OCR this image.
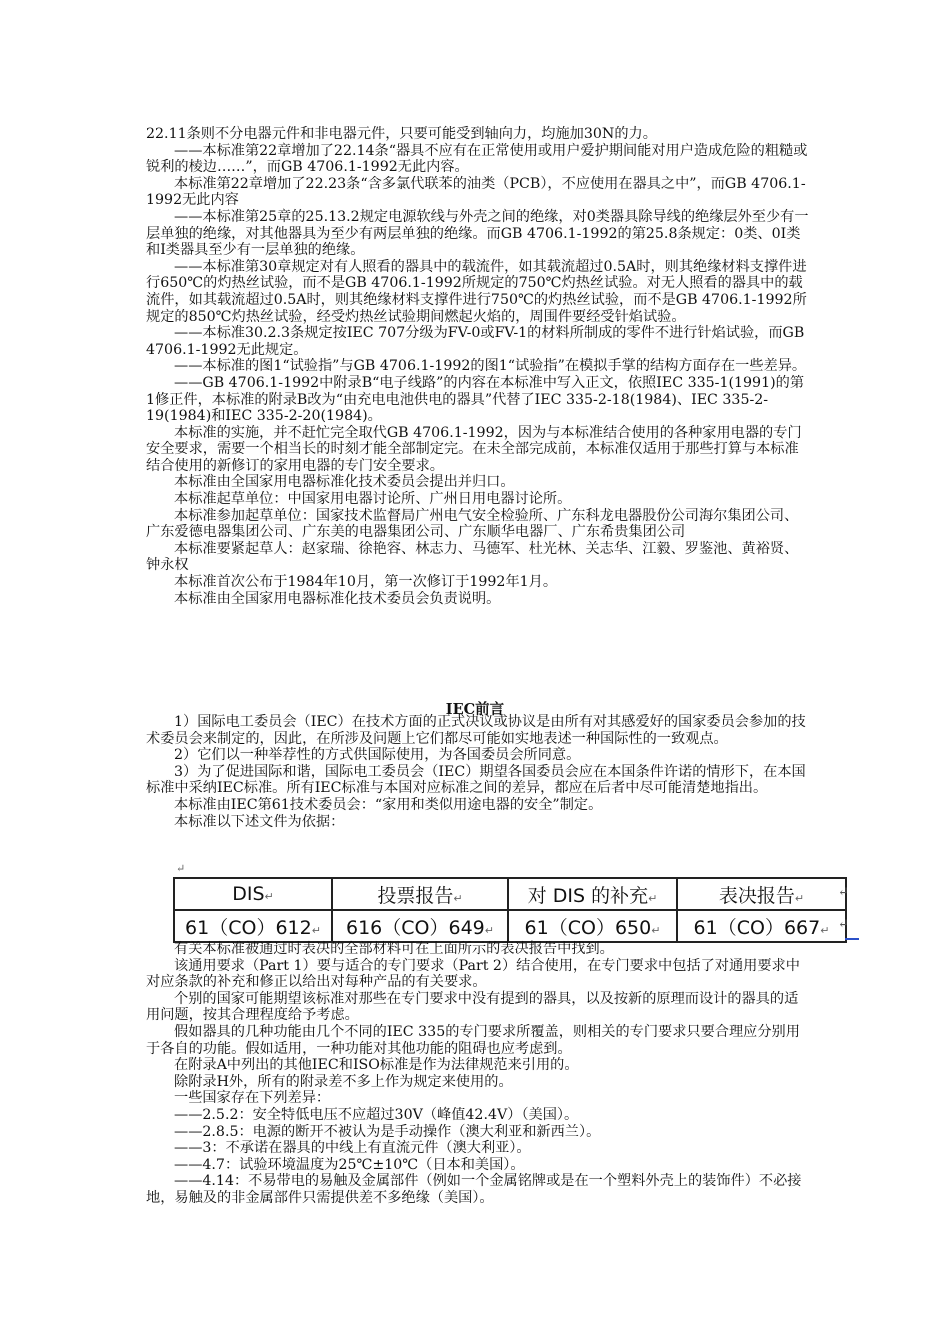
22.11条则不分电器元件和非电器元件，只要可能受到轴向力，均施加30N的力。

——本标准第22章增加了22.14条“器具不应有在正常使用或用户爱护期间能对用户造成危险的粗糙或锐利的棱边……”，而GB 4706.1-1992无此内容。

本标准第22章增加了22.23条“含多氯代联苯的油类（PCB），不应使用在器具之中”，而GB 4706.1-1992无此内容

——本标准第25章的25.13.2规定电源软线与外壳之间的绝缘，对0类器具除导线的绝缘层外至少有一层单独的绝缘，对其他器具为至少有两层单独的绝缘。而GB 4706.1-1992的第25.8条规定：0类、0Ⅰ类和Ⅰ类器具至少有一层单独的绝缘。

——本标准第30章规定对有人照看的器具中的载流件，如其载流超过0.5A时，则其绝缘材料支撑件进行650℃的灼热丝试验，而不是GB 4706.1-1992所规定的750℃灼热丝试验。对无人照看的器具中的载流件，如其载流超过0.5A时，则其绝缘材料支撑件进行750℃的灼热丝试验，而不是GB 4706.1-1992所规定的850℃灼热丝试验，经受灼热丝试验期间燃起火焰的，周围件要经受针焰试验。

——本标准30.2.3条规定按IEC 707分级为FV-0或FV-1的材料所制成的零件不进行针焰试验，而GB 4706.1-1992无此规定。

——本标准的图1“试验指”与GB 4706.1-1992的图1“试验指”在模拟手掌的结构方面存在一些差异。

——GB 4706.1-1992中附录B“电子线路”的内容在本标准中写入正文，依照IEC 335-1(1991)的第1修正件，本标准的附录B改为“由充电电池供电的器具”代替了IEC 335-2-18(1984)、IEC 335-2-19(1984)和IEC 335-2-20(1984)。

本标准的实施，并不赶忙完全取代GB 4706.1-1992，因为与本标准结合使用的各种家用电器的专门安全要求，需要一个相当长的时刻才能全部制定完。在未全部完成前，本标准仅适用于那些打算与本标准结合使用的新修订的家用电器的专门安全要求。

本标准由全国家用电器标准化技术委员会提出并归口。

本标准起草单位：中国家用电器讨论所、广州日用电器讨论所。

本标准参加起草单位：国家技术监督局广州电气安全检验所、广东科龙电器股份公司海尔集团公司、广东爱德电器集团公司、广东美的电器集团公司、广东顺华电器厂、广东希贵集团公司

本标准要紧起草人：赵家瑞、徐艳容、林志力、马德军、杜光林、关志华、江毅、罗鉴池、黄裕贤、钟永权

本标准首次公布于1984年10月，第一次修订于1992年1月。

本标准由全国家用电器标准化技术委员会负责说明。

IEC前言

1）国际电工委员会（IEC）在技术方面的正式决议或协议是由所有对其感爱好的国家委员会参加的技术委员会来制定的，因此，在所涉及问题上它们都尽可能如实地表述一种国际性的一致观点。

2）它们以一种举荐性的方式供国际使用，为各国委员会所同意。

3）为了促进国际和谐，国际电工委员会（IEC）期望各国委员会应在本国条件许诺的情形下，在本国标准中采纳IEC标准。所有IEC标准与本国对应标准之间的差异，都应在后者中尽可能清楚地指出。

本标准由IEC第61技术委员会：“家用和类似用途电器的安全”制定。

本标准以下述文件为依据：

↵
DIS↵	投票报告↵	对 DIS 的补充↵	表决报告↵
61（CO）612↵	616（CO）649↵	61（CO）650↵	61（CO）667↵
↵
↵

有关本标准被通过时表决的全部材料可在上面所示的表决报告中找到。

该通用要求（Part 1）要与适合的专门要求（Part 2）结合使用，在专门要求中包括了对通用要求中对应条款的补充和修正以给出对每种产品的有关要求。

个别的国家可能期望该标准对那些在专门要求中没有提到的器具，以及按新的原理而设计的器具的适用问题，按其合理程度给予考虑。

假如器具的几种功能由几个不同的IEC 335的专门要求所覆盖，则相关的专门要求只要合理应分别用于各自的功能。假如适用，一种功能对其他功能的阻碍也应考虑到。

在附录A中列出的其他IEC和ISO标准是作为法律规范来引用的。

除附录H外，所有的附录差不多上作为规定来使用的。

一些国家存在下列差异：

——2.5.2：安全特低电压不应超过30V（峰值42.4V）（美国）。

——2.8.5：电源的断开不被认为是手动操作（澳大利亚和新西兰）。

——3：不承诺在器具的中线上有直流元件（澳大利亚）。

——4.7：试验环境温度为25℃±10℃（日本和美国）。

——4.14：不易带电的易触及金属部件（例如一个金属铭牌或是在一个塑料外壳上的装饰件）不必接地，易触及的非金属部件只需提供差不多绝缘（美国）。
